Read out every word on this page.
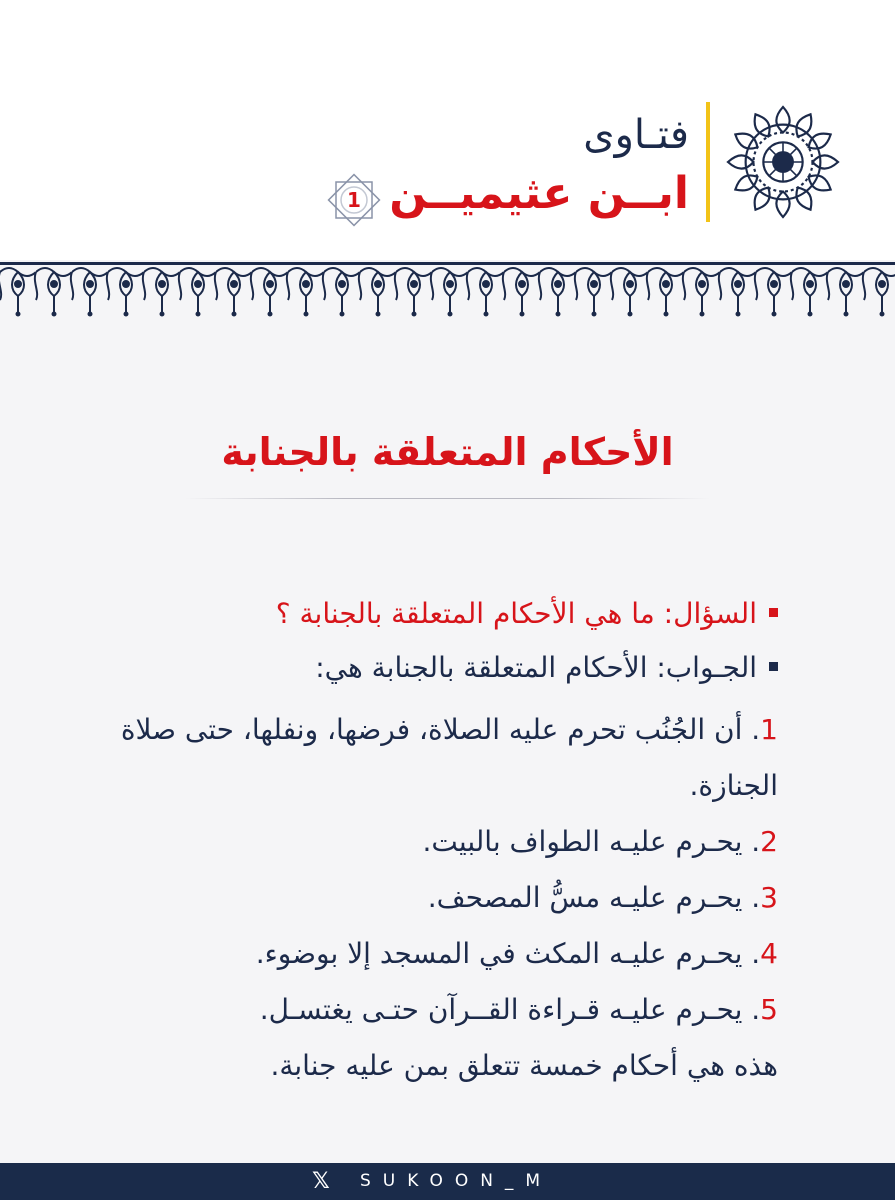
فتـاوى
ابــن عثيميــن
1
الأحكام المتعلقة بالجنابة
السؤال: ما هي الأحكام المتعلقة بالجنابة ؟
الجـواب: الأحكام المتعلقة بالجنابة هي:
1. أن الجُنُب تحرم عليه الصلاة، فرضها، ونفلها، حتى صلاة الجنازة.
2. يحـرم عليـه الطواف بالبيت.
3. يحـرم عليـه مسُّ المصحف.
4. يحـرم عليـه المكث في المسجد إلا بوضوء.
5. يحـرم عليـه قـراءة القــرآن حتـى يغتسـل.
هذه هي أحكام خمسة تتعلق بمن عليه جنابة.
𝕏 SUKOON_M
